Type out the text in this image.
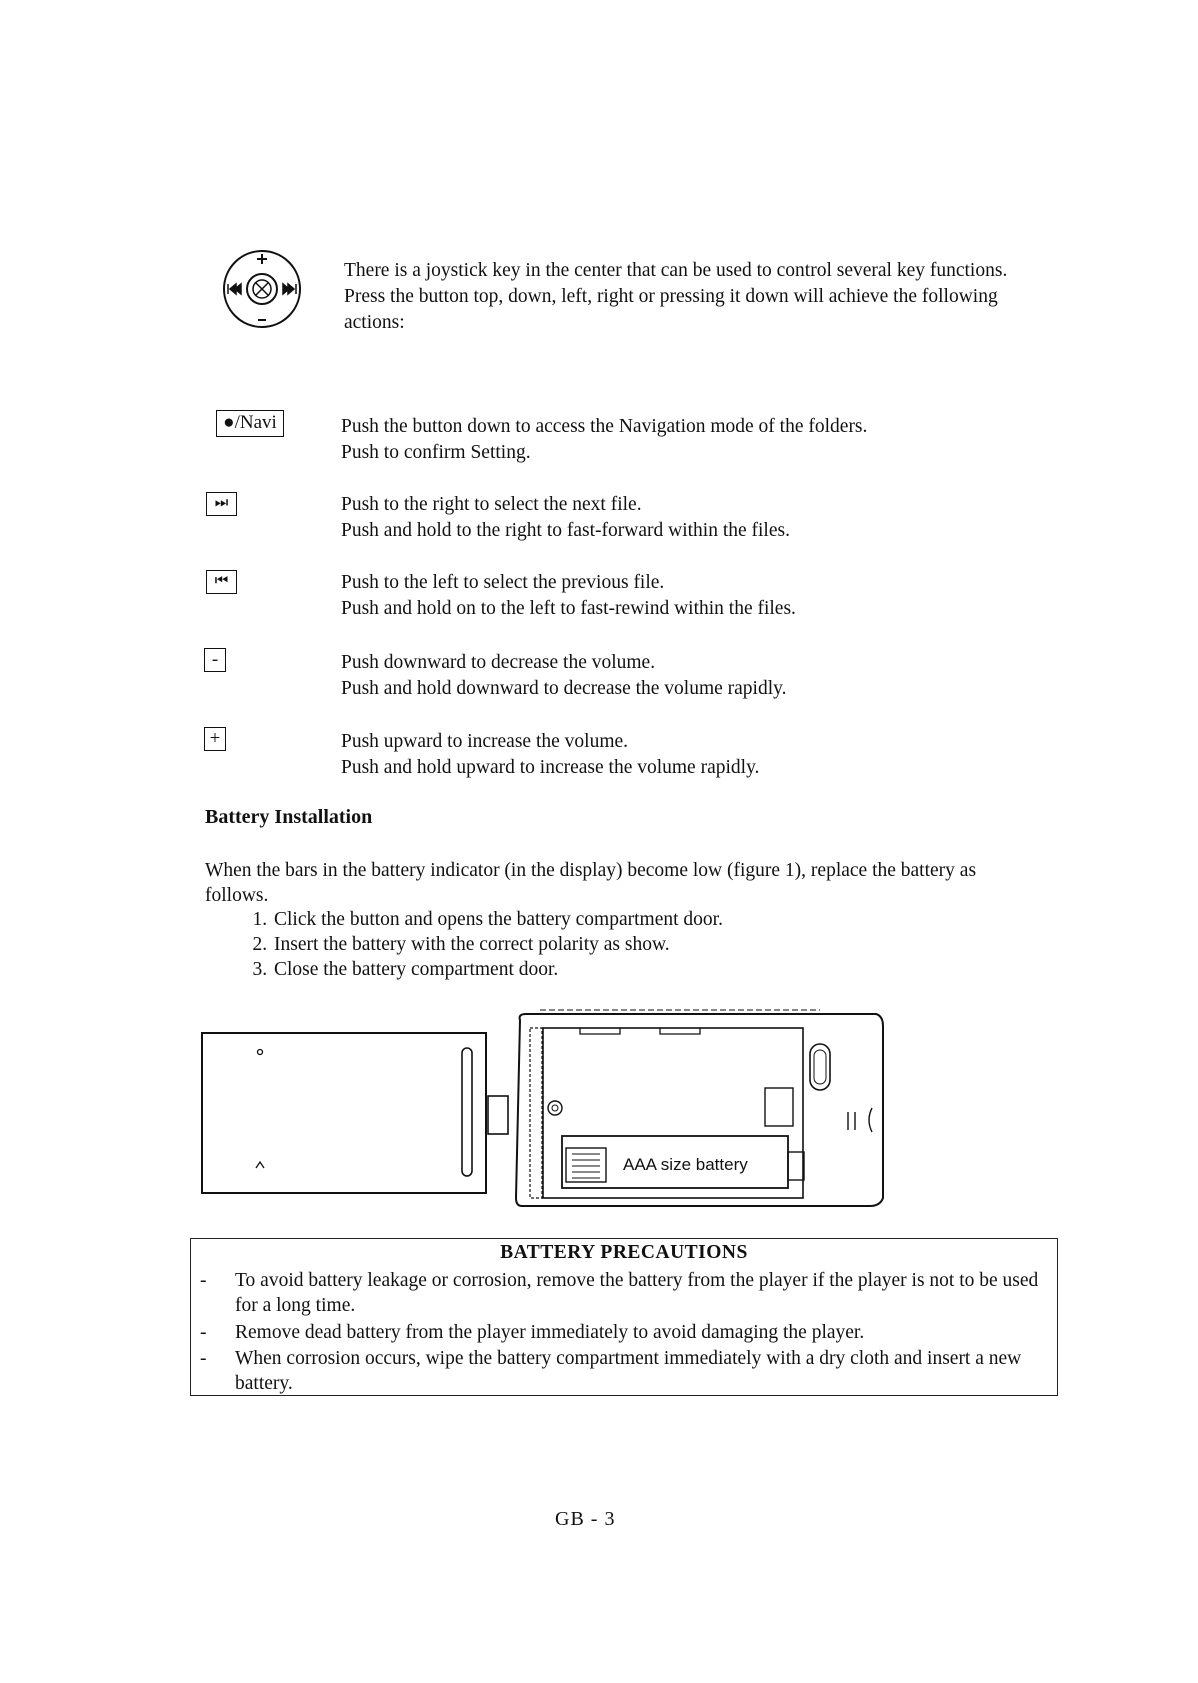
There is a joystick key in the center that can be used to control several key functions. Press the button top, down, left, right or pressing it down will achieve the following actions:
●/Navi	Push the button down to access the Navigation mode of the folders.
Push to confirm Setting.
⏭	Push to the right to select the next file.
Push and hold to the right to fast-forward within the files.
⏮	Push to the left to select the previous file.
Push and hold on to the left to fast-rewind within the files.
-	Push downward to decrease the volume.
Push and hold downward to decrease the volume rapidly.
+	Push upward to increase the volume.
Push and hold upward to increase the volume rapidly.
Battery Installation
When the bars in the battery indicator (in the display) become low (figure 1), replace the battery as follows.
1. Click the button and opens the battery compartment door.
2. Insert the battery with the correct polarity as show.
3. Close the battery compartment door.
AAA size battery
BATTERY PRECAUTIONS
- To avoid battery leakage or corrosion, remove the battery from the player if the player is not to be used for a long time.
- Remove dead battery from the player immediately to avoid damaging the player.
- When corrosion occurs, wipe the battery compartment immediately with a dry cloth and insert a new battery.
GB - 3
